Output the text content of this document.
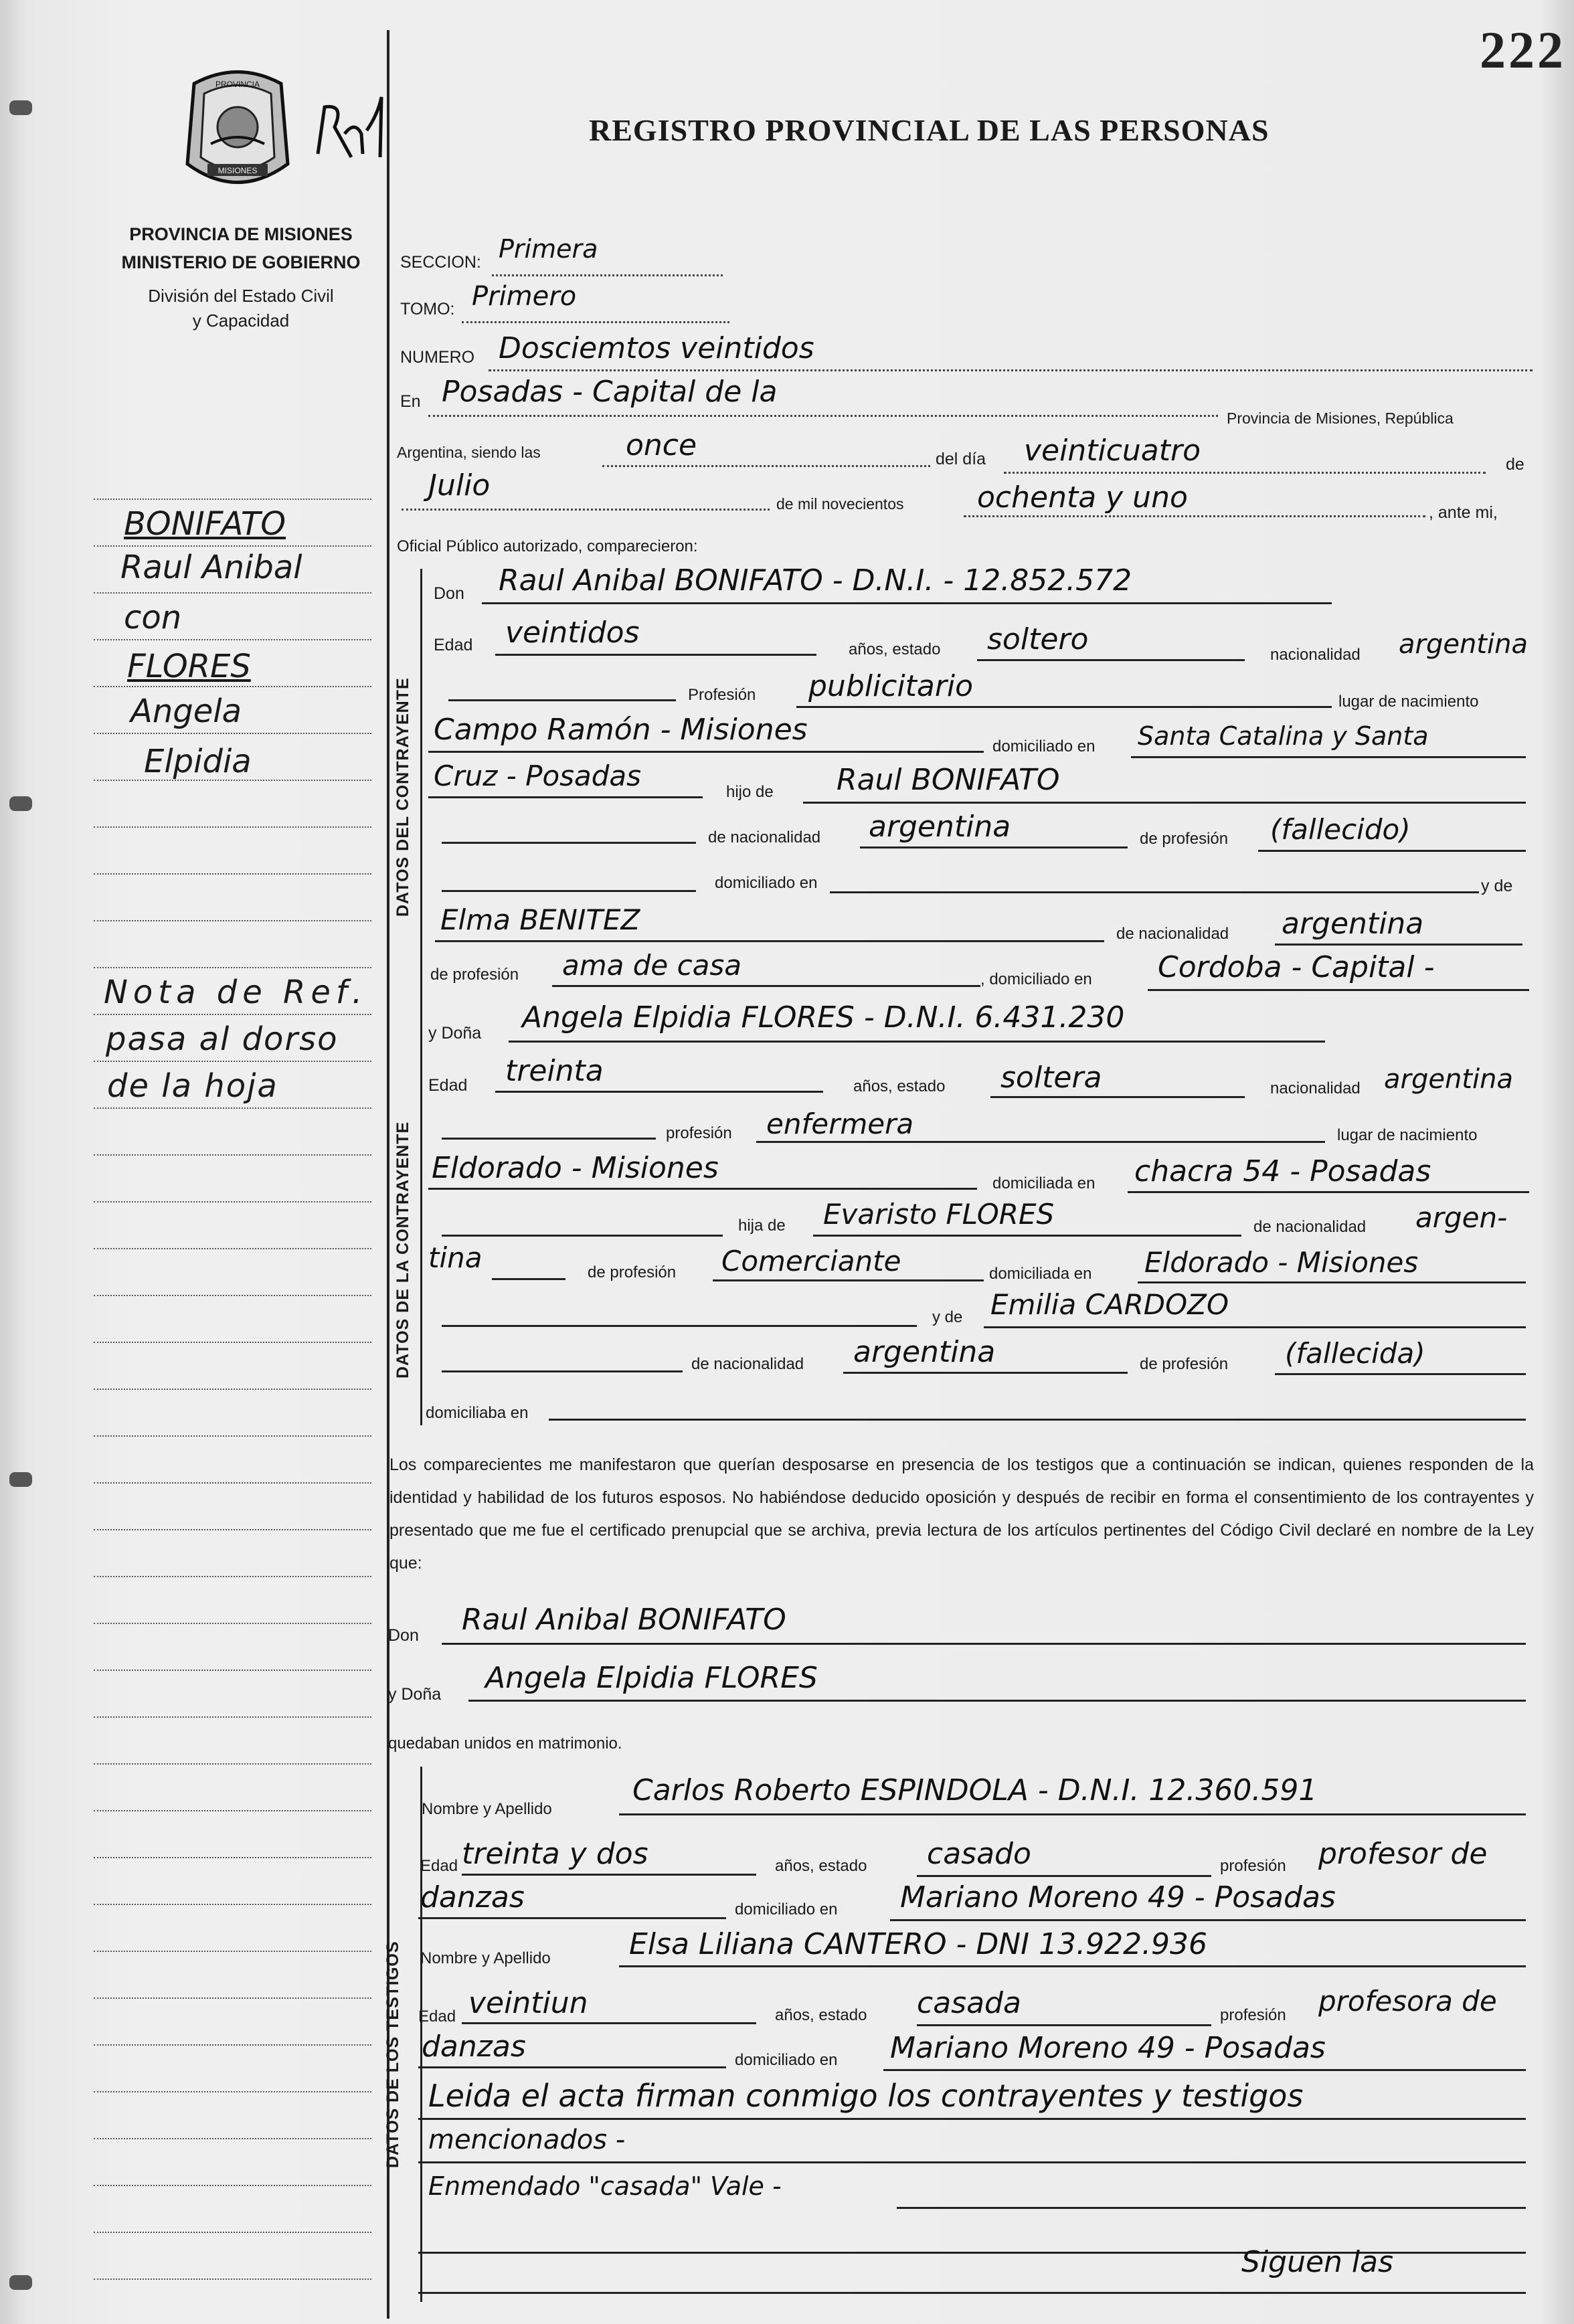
222
PROVINCIA
MISIONES
PROVINCIA DE MISIONES
MINISTERIO DE GOBIERNO
División del Estado Civil
y Capacidad
REGISTRO PROVINCIAL DE LAS PERSONAS
BONIFATO
Raul Anibal
con
FLORES
Angela
Elpidia
Nota de Ref.
pasa al dorso
de la hoja
SECCION: Primera
TOMO: Primero
NUMERO Dosciemtos veintidos
En Posadas - Capital de la
Provincia de Misiones, República
Argentina, siendo las	once	del día veinticuatro	de
Julio
de mil novecientos ochenta y uno	, ante mi,
Oficial Público autorizado, comparecieron:
DATOS DEL CONTRAYENTE
Don Raul Anibal BONIFATO - D.N.I. - 12.852.572
Edad veintidos	años, estado soltero	nacionalidad argentina
Profesión publicitario	lugar de nacimiento
Campo Ramón - Misiones	domiciliado en Santa Catalina y Santa
Cruz - Posadas	hijo de Raul BONIFATO
de nacionalidad argentina	de profesión (fallecido)
domiciliado en	y de
Elma BENITEZ	de nacionalidad argentina
de profesión ama de casa	, domiciliado en Cordoba - Capital -
DATOS DE LA CONTRAYENTE
y Doña Angela Elpidia FLORES - D.N.I. 6.431.230
Edad treinta	años, estado soltera	nacionalidad argentina
profesión enfermera	lugar de nacimiento
Eldorado - Misiones	domiciliada en chacra 54 - Posadas
hija de Evaristo FLORES	de nacionalidad argen-
tina	de profesión Comerciante	domiciliada en Eldorado - Misiones
y de Emilia CARDOZO
de nacionalidad argentina	de profesión (fallecida)
domiciliaba en
Los comparecientes me manifestaron que querían desposarse en presencia de los testigos que a continuación se indican, quienes responden de la identidad y habilidad de los futuros esposos. No habiéndose deducido oposición y después de recibir en forma el consentimiento de los contrayentes y presentado que me fue el certificado prenupcial que se archiva, previa lectura de los artículos pertinentes del Código Civil declaré en nombre de la Ley que:
Don Raul Anibal BONIFATO
y Doña Angela Elpidia FLORES
quedaban unidos en matrimonio.
DATOS DE LOS TESTIGOS
Nombre y Apellido
Carlos Roberto ESPINDOLA - D.N.I. 12.360.591
Edad treinta y dos	años, estado casado	profesión profesor de
danzas	domiciliado en Mariano Moreno 49 - Posadas
Nombre y Apellido	Elsa Liliana CANTERO - DNI 13.922.936
Edad veintiun	años, estado casada	profesión profesora de
danzas	domiciliado en Mariano Moreno 49 - Posadas
Leida el acta firman conmigo los contrayentes y testigos
mencionados -
Enmendado "casada" Vale -
Siguen las
